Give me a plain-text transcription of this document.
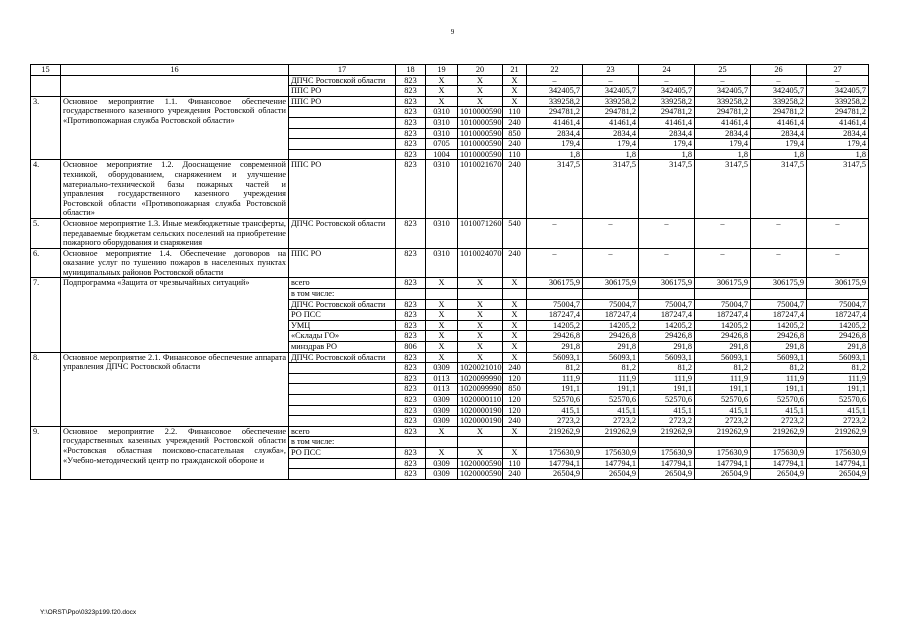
9
15	16	17	18	19	20	21	22	23	24	25	26	27
		ДПЧС Ростовской области	823	X	X	X	–	–	–	–	–	–
		ППС РО	823	X	X	X	342405,7	342405,7	342405,7	342405,7	342405,7	342405,7
3.	Основное мероприятие 1.1. Финансовое обеспечение государственного казенного учреждения Ростовской области «Противопожарная служба Ростовской области»	ППС РО	823	X	X	X	339258,2	339258,2	339258,2	339258,2	339258,2	339258,2
			823	0310	1010000590	110	294781,2	294781,2	294781,2	294781,2	294781,2	294781,2
			823	0310	1010000590	240	41461,4	41461,4	41461,4	41461,4	41461,4	41461,4
			823	0310	1010000590	850	2834,4	2834,4	2834,4	2834,4	2834,4	2834,4
			823	0705	1010000590	240	179,4	179,4	179,4	179,4	179,4	179,4
			823	1004	1010000590	110	1,8	1,8	1,8	1,8	1,8	1,8
4.	Основное мероприятие 1.2. Дооснащение современной техникой, оборудованием, снаряжением и улучшение материально-технической базы пожарных частей и управления государственного казенного учреждения Ростовской области «Противопожарная служба Ростовской области»	ППС РО	823	0310	1010021670	240	3147,5	3147,5	3147,5	3147,5	3147,5	3147,5
5.	Основное мероприятие 1.3. Иные межбюджетные трансферты, передаваемые бюджетам сельских поселений на приобретение пожарного оборудования и снаряжения	ДПЧС Ростовской области	823	0310	1010071260	540	–	–	–	–	–	–
6.	Основное мероприятие 1.4. Обеспечение договоров на оказание услуг по тушению пожаров в населенных пунктах муниципальных районов Ростовской области	ППС РО	823	0310	1010024070	240	–	–	–	–	–	–
7.	Подпрограмма «Защита от чрезвычайных ситуаций»	всего	823	X	X	X	306175,9	306175,9	306175,9	306175,9	306175,9	306175,9
		в том числе:										
		ДПЧС Ростовской области	823	X	X	X	75004,7	75004,7	75004,7	75004,7	75004,7	75004,7
		РО ПСС	823	X	X	X	187247,4	187247,4	187247,4	187247,4	187247,4	187247,4
		УМЦ	823	X	X	X	14205,2	14205,2	14205,2	14205,2	14205,2	14205,2
		«Склады ГО»	823	X	X	X	29426,8	29426,8	29426,8	29426,8	29426,8	29426,8
		минздрав РО	806	X	X	X	291,8	291,8	291,8	291,8	291,8	291,8
8.	Основное мероприятие 2.1. Финансовое обеспечение аппарата управления ДПЧС Ростовской области	ДПЧС Ростовской области	823	X	X	X	56093,1	56093,1	56093,1	56093,1	56093,1	56093,1
			823	0309	1020021010	240	81,2	81,2	81,2	81,2	81,2	81,2
			823	0113	1020099990	120	111,9	111,9	111,9	111,9	111,9	111,9
			823	0113	1020099990	850	191,1	191,1	191,1	191,1	191,1	191,1
			823	0309	1020000110	120	52570,6	52570,6	52570,6	52570,6	52570,6	52570,6
			823	0309	1020000190	120	415,1	415,1	415,1	415,1	415,1	415,1
			823	0309	1020000190	240	2723,2	2723,2	2723,2	2723,2	2723,2	2723,2
9.	Основное мероприятие 2.2. Финансовое обеспечение государственных казенных учреждений Ростовской области «Ростовская областная поисково-спасательная служба», «Учебно-методический центр по гражданской обороне и	всего	823	X	X	X	219262,9	219262,9	219262,9	219262,9	219262,9	219262,9
		в том числе:										
		РО ПСС	823	X	X	X	175630,9	175630,9	175630,9	175630,9	175630,9	175630,9
			823	0309	1020000590	110	147794,1	147794,1	147794,1	147794,1	147794,1	147794,1
			823	0309	1020000590	240	26504,9	26504,9	26504,9	26504,9	26504,9	26504,9
Y:\ORST\Ppo\0323p199.f20.docx
